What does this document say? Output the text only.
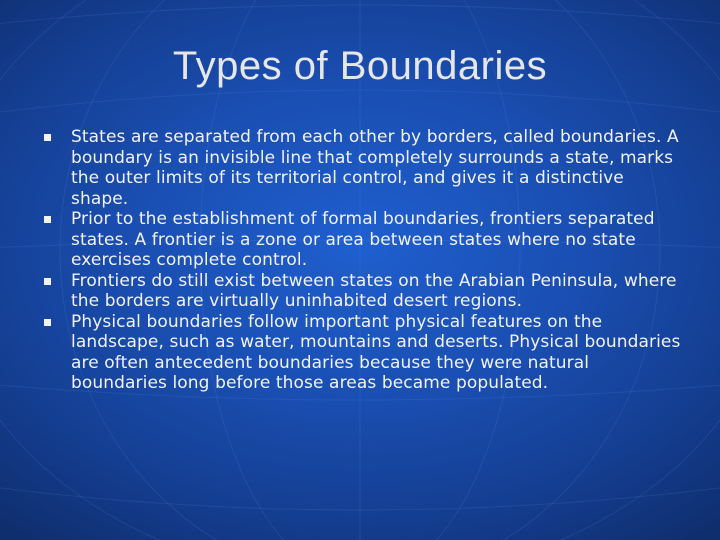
Types of Boundaries
States are separated from each other by borders, called boundaries. A boundary is an invisible line that completely surrounds a state, marks the outer limits of its territorial control, and gives it a distinctive shape.
Prior to the establishment of formal boundaries, frontiers separated states. A frontier is a zone or area between states where no state exercises complete control.
Frontiers do still exist between states on the Arabian Peninsula, where the borders are virtually uninhabited desert regions.
Physical boundaries follow important physical features on the landscape, such as water, mountains and deserts. Physical boundaries are often antecedent boundaries because they were natural boundaries long before those areas became populated.
